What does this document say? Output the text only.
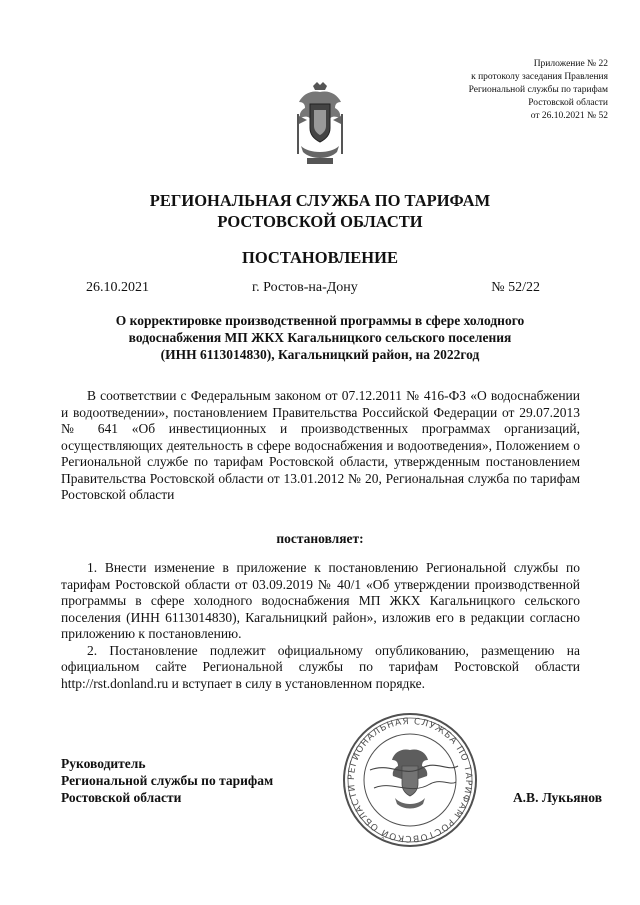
Приложение № 22
к протоколу заседания Правления
Региональной службы по тарифам
Ростовской области
от 26.10.2021 № 52
РЕГИОНАЛЬНАЯ СЛУЖБА ПО ТАРИФАМ
РОСТОВСКОЙ ОБЛАСТИ
ПОСТАНОВЛЕНИЕ
26.10.2021	г. Ростов-на-Дону	№ 52/22
О корректировке производственной программы в сфере холодного
водоснабжения МП ЖКХ Кагальницкого сельского поселения
(ИНН 6113014830), Кагальницкий район, на 2022год

В соответствии с Федеральным законом от 07.12.2011 № 416-ФЗ «О водоснабжении и водоотведении», постановлением Правительства Российской Федерации от 29.07.2013 № 641 «Об инвестиционных и производственных программах организаций, осуществляющих деятельность в сфере водоснабжения и водоотведения», Положением о Региональной службе по тарифам Ростовской области, утвержденным постановлением Правительства Ростовской области от 13.01.2012 № 20, Региональная служба по тарифам Ростовской области

постановляет:

1. Внести изменение в приложение к постановлению Региональной службы по тарифам Ростовской области от 03.09.2019 № 40/1 «Об утверждении производственной программы в сфере холодного водоснабжения МП ЖКХ Кагальницкого сельского поселения (ИНН 6113014830), Кагальницкий район», изложив его в редакции согласно приложению к постановлению.

2. Постановление подлежит официальному опубликованию, размещению на официальном сайте Региональной службы по тарифам Ростовской области http://rst.donland.ru и вступает в силу в установленном порядке.

Руководитель
Региональной службы по тарифам
Ростовской области
РЕГИОНАЛЬНАЯ СЛУЖБА ПО ТАРИФАМ РОСТОВСКОЙ ОБЛАСТИ
А.В. Лукьянов
